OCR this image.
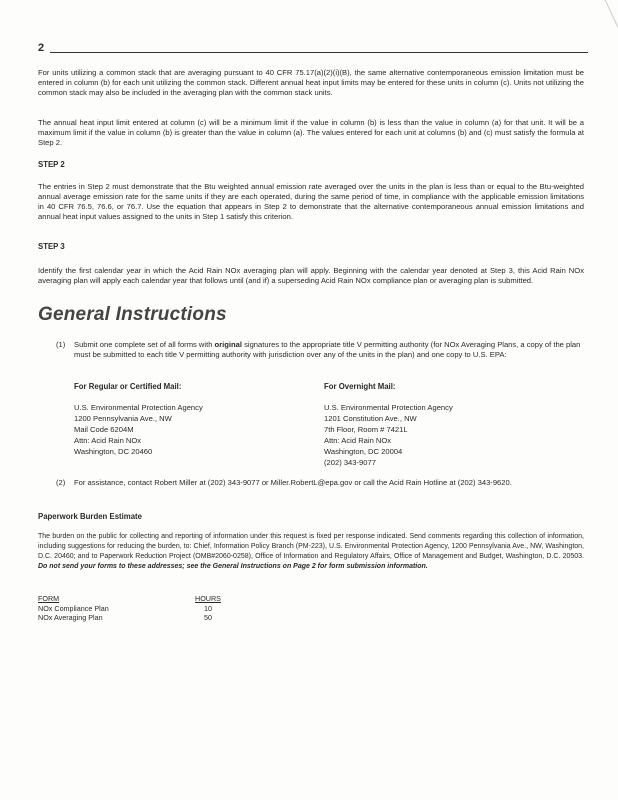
2
For units utilizing a common stack that are averaging pursuant to 40 CFR 75.17(a)(2)(i)(B), the same alternative contemporaneous emission limitation must be entered in column (b) for each unit utilizing the common stack. Different annual heat input limits may be entered for these units in column (c). Units not utilizing the common stack may also be included in the averaging plan with the common stack units.
The annual heat input limit entered at column (c) will be a minimum limit if the value in column (b) is less than the value in column (a) for that unit. It will be a maximum limit if the value in column (b) is greater than the value in column (a). The values entered for each unit at columns (b) and (c) must satisfy the formula at Step 2.
STEP 2
The entries in Step 2 must demonstrate that the Btu weighted annual emission rate averaged over the units in the plan is less than or equal to the Btu-weighted annual average emission rate for the same units if they are each operated, during the same period of time, in compliance with the applicable emission limitations in 40 CFR 76.5, 76.6, or 76.7. Use the equation that appears in Step 2 to demonstrate that the alternative contemporaneous annual emission limitations and annual heat input values assigned to the units in Step 1 satisfy this criterion.
STEP 3
Identify the first calendar year in which the Acid Rain NOx averaging plan will apply. Beginning with the calendar year denoted at Step 3, this Acid Rain NOx averaging plan will apply each calendar year that follows until (and if) a superseding Acid Rain NOx compliance plan or averaging plan is submitted.
General Instructions
(1) Submit one complete set of all forms with original signatures to the appropriate title V permitting authority (for NOx Averaging Plans, a copy of the plan must be submitted to each title V permitting authority with jurisdiction over any of the units in the plan) and one copy to U.S. EPA:
For Regular or Certified Mail:
U.S. Environmental Protection Agency
1200 Pennsylvania Ave., NW
Mail Code 6204M
Attn: Acid Rain NOx
Washington, DC 20460
For Overnight Mail:
U.S. Environmental Protection Agency
1201 Constitution Ave., NW
7th Floor, Room # 7421L
Attn: Acid Rain NOx
Washington, DC 20004
(202) 343-9077
(2) For assistance, contact Robert Miller at (202) 343-9077 or Miller.RobertL@epa.gov or call the Acid Rain Hotline at (202) 343-9620.
Paperwork Burden Estimate
The burden on the public for collecting and reporting of information under this request is fixed per response indicated. Send comments regarding this collection of information, including suggestions for reducing the burden, to: Chief, Information Policy Branch (PM-223), U.S. Environmental Protection Agency, 1200 Pennsylvania Ave., NW, Washington, D.C. 20460; and to Paperwork Reduction Project (OMB#2060-0258), Office of Information and Regulatory Affairs, Office of Management and Budget, Washington, D.C. 20503. Do not send your forms to these addresses; see the General Instructions on Page 2 for form submission information.
FORM	HOURS
NOx Compliance Plan	10
NOx Averaging Plan	50
